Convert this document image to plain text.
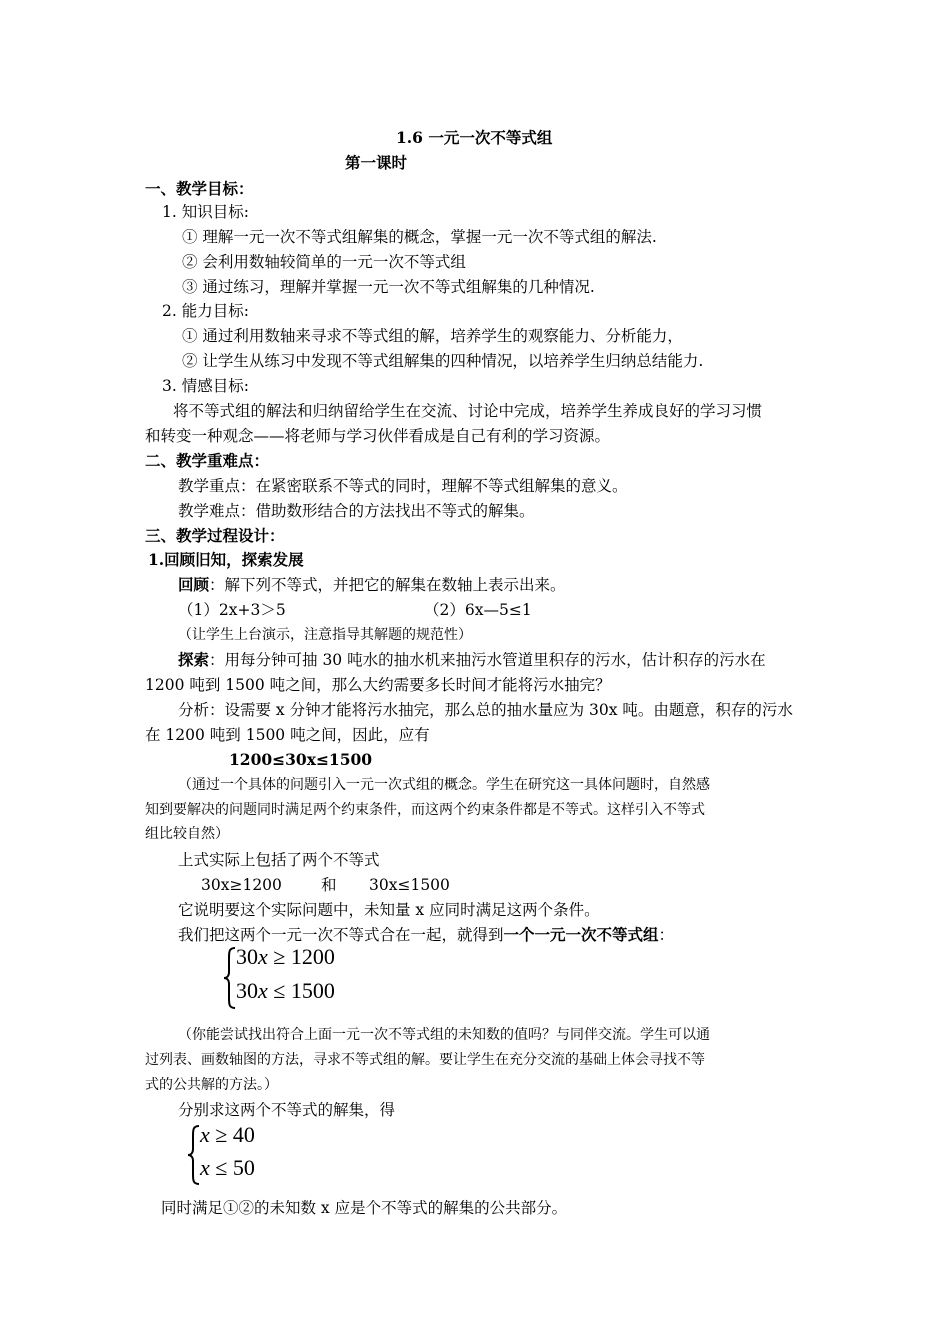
1.6 一元一次不等式组
第一课时
一、教学目标：
1. 知识目标:
① 理解一元一次不等式组解集的概念，掌握一元一次不等式组的解法.
② 会利用数轴较简单的一元一次不等式组
③ 通过练习，理解并掌握一元一次不等式组解集的几种情况.
2. 能力目标:
① 通过利用数轴来寻求不等式组的解，培养学生的观察能力、分析能力，
② 让学生从练习中发现不等式组解集的四种情况，以培养学生归纳总结能力.
3. 情感目标:
将不等式组的解法和归纳留给学生在交流、讨论中完成，培养学生养成良好的学习习惯
和转变一种观念——将老师与学习伙伴看成是自己有利的学习资源。
二、教学重难点：
教学重点：在紧密联系不等式的同时，理解不等式组解集的意义。
教学难点：借助数形结合的方法找出不等式的解集。
三、教学过程设计：
1.回顾旧知，探索发展
回顾：解下列不等式，并把它的解集在数轴上表示出来。
（1）2x+3＞5	（2）6x—5≤1
（让学生上台演示，注意指导其解题的规范性）
探索：用每分钟可抽 30 吨水的抽水机来抽污水管道里积存的污水，估计积存的污水在
1200 吨到 1500 吨之间，那么大约需要多长时间才能将污水抽完？
分析：设需要 x 分钟才能将污水抽完，那么总的抽水量应为 30x 吨。由题意，积存的污水
在 1200 吨到 1500 吨之间，因此，应有
1200≤30x≤1500
（通过一个具体的问题引入一元一次式组的概念。学生在研究这一具体问题时，自然感
知到要解决的问题同时满足两个约束条件，而这两个约束条件都是不等式。这样引入不等式
组比较自然）
上式实际上包括了两个不等式
30x≥1200	和 30x≤1500
它说明要这个实际问题中，未知量 x 应同时满足这两个条件。
我们把这两个一元一次不等式合在一起，就得到一个一元一次不等式组：
30x ≥ 1200
30x ≤ 1500
（你能尝试找出符合上面一元一次不等式组的未知数的值吗？与同伴交流。学生可以通
过列表、画数轴图的方法，寻求不等式组的解。要让学生在充分交流的基础上体会寻找不等
式的公共解的方法。）
分别求这两个不等式的解集，得
x ≥ 40
x ≤ 50
同时满足①②的未知数 x 应是个不等式的解集的公共部分。
